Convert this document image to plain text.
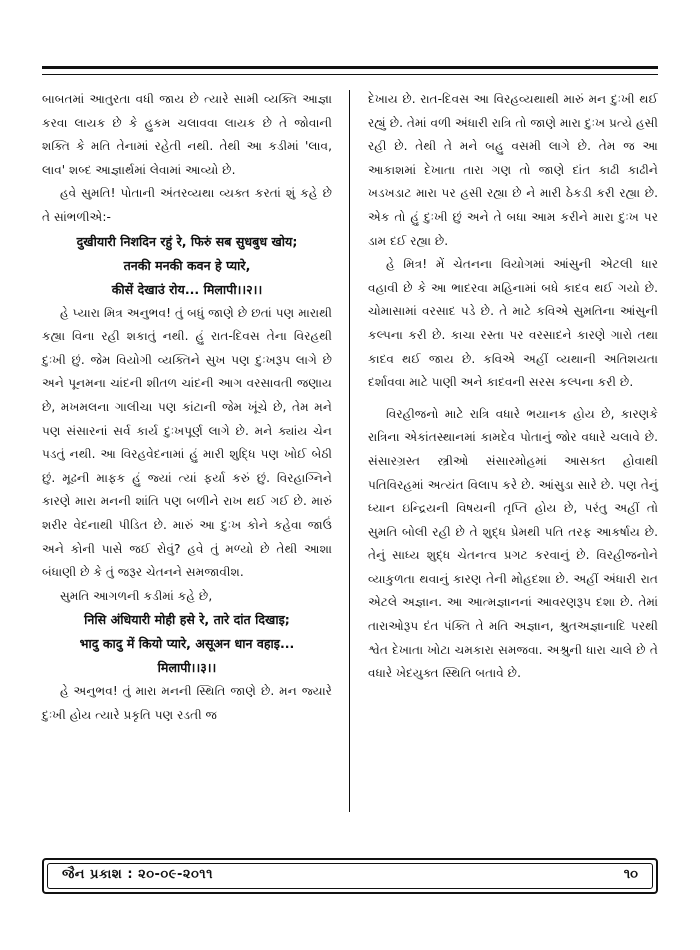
બાબતમાં આતુરતા વધી જાય છે ત્યારે સામી વ્યક્તિ આજ્ઞા કરવા લાયક છે કે હુકમ ચલાવવા લાયક છે તે જોવાની શક્તિ કે મતિ તેનામાં રહેતી નથી. તેથી આ કડીમાં 'લાવ, લાવ' શબ્દ આજ્ઞાર્થમાં લેવામાં આવ્યો છે.

હવે સુમતિ! પોતાની અંતરવ્યથા વ્યક્ત કરતાં શું કહે છે તે સાંભળીએ:-

दुखीयारी निशदिन रहुं रे, फिरुं सब सुधबुध खोय;

तनकी मनकी कवन हे प्यारे,

कीसें देखाउं रोय... मिलापी।।२।।

હે પ્યારા મિત્ર અનુભવ! તું બધું જાણે છે છતાં પણ મારાથી કહ્યા વિના રહી શકાતું નથી. હું રાત-દિવસ તેના વિરહથી દુઃખી છું. જેમ વિયોગી વ્યક્તિને સુખ પણ દુઃખરૂપ લાગે છે અને પૂનમના ચાંદની શીતળ ચાંદની આગ વરસાવતી જણાય છે, મખમલના ગાલીચા પણ કાંટાની જેમ ખૂંચે છે, તેમ મને પણ સંસારનાં સર્વ કાર્ય દુઃખપૂર્ણ લાગે છે. મને ક્યાંય ચેન પડતું નથી. આ વિરહવેદનામાં હું મારી શુદ્ધિ પણ ખોઈ બેઠી છું. મૂઢની માફક હું જ્યાં ત્યાં ફર્યા કરું છું. વિરહાગ્નિને કારણે મારા મનની શાંતિ પણ બળીને રાખ થઈ ગઈ છે. મારું શરીર વેદનાથી પીડિત છે. મારું આ દુઃખ કોને કહેવા જાઉં અને કોની પાસે જઈ રોવું? હવે તું મળ્યો છે તેથી આશા બંધાણી છે કે તું જરૂર ચેતનને સમજાવીશ.

સુમતિ આગળની કડીમાં કહે છે,

निसि अंधियारी मोही हसे रे, तारे दांत दिखाइ;

भादु कादु में कियो प्यारे, असूअन धान वहाइ...

मिलापी।।३।।

હે અનુભવ! તું મારા મનની સ્થિતિ જાણે છે. મન જ્યારે દુઃખી હોય ત્યારે પ્રકૃતિ પણ રડતી જ

દેખાય છે. રાત-દિવસ આ વિરહવ્યથાથી મારું મન દુઃખી થઈ રહ્યું છે. તેમાં વળી અંધારી રાત્રિ તો જાણે મારા દુઃખ પ્રત્યે હસી રહી છે. તેથી તે મને બહુ વસમી લાગે છે. તેમ જ આ આકાશમાં દેખાતા તારા ગણ તો જાણે દાંત કાઢી કાઢીને ખડખડાટ મારા પર હસી રહ્યા છે ને મારી ઠેકડી કરી રહ્યા છે. એક તો હું દુઃખી છું અને તે બધા આમ કરીને મારા દુઃખ પર ડામ દઈ રહ્યા છે.

હે મિત્ર! મેં ચેતનના વિયોગમાં આંસુની એટલી ધાર વહાવી છે કે આ ભાદરવા મહિનામાં બધે કાદવ થઈ ગયો છે. ચોમાસામાં વરસાદ પડે છે. તે માટે કવિએ સુમતિના આંસુની કલ્પના કરી છે. કાચા રસ્તા પર વરસાદને કારણે ગારો તથા કાદવ થઈ જાય છે. કવિએ અહીં વ્યથાની અતિશયતા દર્શાવવા માટે પાણી અને કાદવની સરસ કલ્પના કરી છે.

વિરહીજનો માટે રાત્રિ વધારે ભયાનક હોય છે, કારણકે રાત્રિના એકાંતસ્થાનમાં કામદેવ પોતાનું જોર વધારે ચલાવે છે. સંસારગ્રસ્ત સ્ત્રીઓ સંસારમોહમાં આસક્ત હોવાથી પતિવિરહમાં અત્યંત વિલાપ કરે છે. આંસુડા સારે છે. પણ તેનું ધ્યાન ઇન્દ્રિયની વિષયની તૃપ્તિ હોય છે, પરંતુ અહીં તો સુમતિ બોલી રહી છે તે શુદ્ધ પ્રેમથી પતિ તરફ આકર્ષાય છે. તેનું સાધ્ય શુદ્ધ ચેતનત્વ પ્રગટ કરવાનું છે. વિરહીજનોને વ્યાકુળતા થવાનું કારણ તેની મોહદશા છે. અહીં અંધારી રાત એટલે અજ્ઞાન. આ આત્મજ્ઞાનનાં આવરણરૂપ દશા છે. તેમાં તારાઓરૂપ દંત પંક્તિ તે મતિ અજ્ઞાન, શ્રુતઅજ્ઞાનાદિ પરથી શ્વેત દેખાતા ખોટા ચમકારા સમજવા. અશ્રુની ધારા ચાલે છે તે વધારે ખેદયુક્ત સ્થિતિ બતાવે છે.

જૈન પ્રકાશ : ૨૦-૦૯-૨૦૧૧	૧૦
